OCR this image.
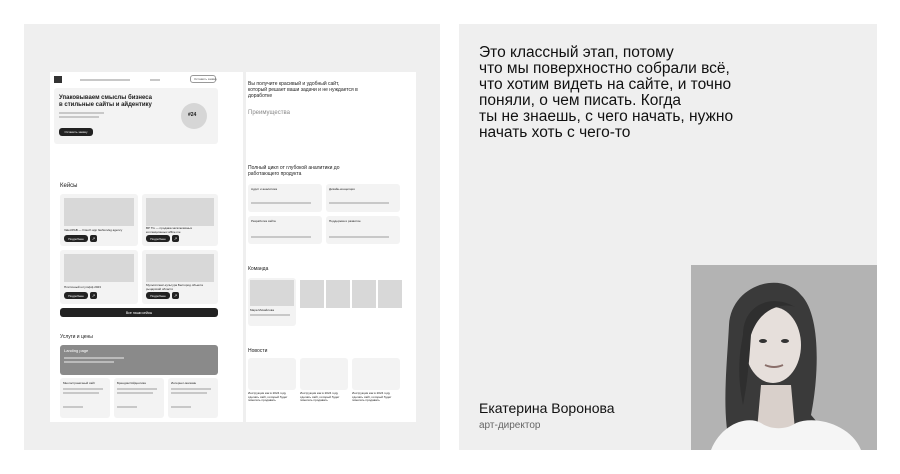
Оставить заявку
Упаковываем смыслы бизнеса в стильные сайты и айдентику
Оставить заявку
#24
Кейсы
ValeUPAB — fintech app fashion/ag agency
Подробнее	↗
BP TG — продажа эксклюзивных коллекционных affine.me
Подробнее	↗
Плиточный штугофф 2023
Подробнее	↗
Мультиплекс-культура Белгород объекта рыцарский области
Подробнее	↗
Все наши кейсы
Услуги и цены
Landing page
Многостраничный сайт	Брендинг/Айдентика	Интернет-магазин
Вы получите красивый и удобный сайт, который решает ваши задачи и не нуждается в доработке
Преимущества
Полный цикл от глубокой аналитики до работающего продукта
Аудит и аналитика	Дизайн-концепция
Разработка сайта	Поддержка и развитие
Команда
Мара Михайлова
Новости
Инструкция как в 2024 году сделать сайт, который будет помогать продавать
Инструкция как в 2024 году сделать сайт, который будет помогать продавать
Инструкция как в 2024 году сделать сайт, который будет помогать продавать
Это классный этап, потому
что мы поверхностно собрали всё,
что хотим видеть на сайте, и точно
поняли, о чем писать. Когда
ты не знаешь, с чего начать, нужно
начать хоть с чего-то
Екатерина Воронова
арт-директор
